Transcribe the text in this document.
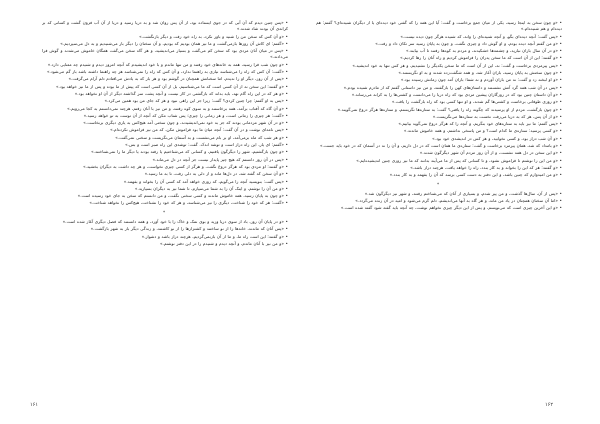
• «پس چنین دیدم که آن آبی که در جوی ایستاده بود، از آن پس روان شد و به دریا رسید و دریا از آن آب فزون گشت و کسانی که بر کرانه‌ی آن بودند شاد شدند.»

• «و آن کس که سخن من را شنید و باور نکرد، به راه خود رفت و دیگر بازنگشت.»

• «گفتم: ای کاش آن روزها بازمی‌گشت و ما نیز همان بودیم که بودیم، و آن سخنان را دیگر بار می‌شنیدیم و به دل می‌سپردیم.»

• «پس در میان آنان مردی بود که سخن کم می‌گفت و بسیار می‌اندیشید، و هر گاه سخن می‌گفت همگان خاموش می‌شدند و گوش فرا می‌دادند.»

• «و چون شب فرا رسید، همه به خانه‌های خود رفتند و من تنها ماندم و با خود اندیشیدم که آنچه امروز دیدم و شنیدم چه معنایی دارد.»

• «گفت: آن کس که راه را می‌شناسد نیازی به راهنما ندارد، و آن کس که راه را نمی‌شناسد هر چه راهنما داشته باشد باز گم می‌شود.»

• «پس از آن روز، دیگر او را ندیدم، اما سخنانش همچنان در گوشم بود و هر بار که به یادش می‌افتادم دلم آرام می‌گرفت.»

• «و گفتند: این سخن نه از آن کسی است که ما می‌شناسیم، بل از آن کسی است که پیش از ما بوده و پس از ما نیز خواهد بود.»

• «و هر که در این راه گام نهد، باید بداند که بازگشتی در کار نیست و آنچه پشت سر گذاشته دیگر از آن او نخواهد بود.»

• «پس به او گفتم: چرا چنین کردی؟ گفت: زیرا جز این راهی نبود و هر که جای من بود همین می‌کرد.»

• «و آن گاه که آفتاب برآمد، همه برخاستند و به سوی کوه رفتند، و من نیز با آنان رفتم، هرچند نمی‌دانستم به کجا می‌رویم.»

• «گفت: هر چیزی را زمانی است، و هر زمانی را چیزی؛ پس شتاب مکن که آنچه از آن توست به تو خواهد رسید.»

• «و در آن شهر مردمانی بودند که جز به خود نمی‌اندیشیدند، و چون سختی آمد هیچ‌کس به یاری دیگری برنخاست.»

• «پس نامه‌ای نوشت و در آن گفت: آنچه میان ما بود فراموش مکن، که من نیز فراموش نکرده‌ام.»

• «و هر شب که ماه برمی‌آمد، او بر بام می‌نشست و به آسمان می‌نگریست و سخنی نمی‌گفت.»

• «گفتم: ای یار، این راه دراز است و توشه اندک. گفت: توشه‌ی این راه صبر است و بس.»

• «و چون بازگشتیم، شهر را دیگرگون یافتیم، و کسانی که می‌شناختیم یا رفته بودند یا دیگر ما را نمی‌شناختند.»

• «پس در آن روز دانستم که هیچ چیز پایدار نیست جز آنچه در دل می‌ماند.»

• «و گفتند: او مردی بود که هرگز دروغ نگفت، و هرگز از کسی چیزی نخواست، و هر چه داشت به دیگران بخشید.»

• «و آن سخن که گفته شد، در دل‌ها ماند و از دلی به دلی رفت، تا به ما رسید.»

• «پس گفت: بنویسید آنچه را می‌گویم، که روزی خواهد آمد که کسی آن را بخواند و بفهمد.»

• «و من آن را نوشتم، و اینک آن را به شما می‌سپارم، تا شما نیز به دیگران بسپارید.»

• «و چون به پایان رسید، همه خاموش ماندند و کسی سخنی نگفت، و من دانستم که سخن به جای خود رسیده است.»

• «گفت: هر که خود را شناخت، دیگری را نیز می‌شناسد، و هر که خود را نشناخت، هیچ‌کس را نخواهد شناخت.»

*

• «و در پایان آن روز، باد از سوی دریا وزید و بوی نمک و خاک را با خود آورد، و همه دانستند که فصل دیگری آغاز شده است.»

• «پس آنان که ماندند، خانه‌ها را از نو ساختند و کشتزارها را از نو کاشتند، و زندگی دیگر بار به شهر بازگشت.»

• «و گفتند: این است راه ما، و ما از آن بازنمی‌گردیم، هرچند دراز باشد و دشوار.»

• «و من نیز با آنان ماندم، و آنچه دیدم و شنیدم را در این دفتر نوشتم.»

• «و چون سخن به اینجا رسید، یکی از میان جمع برخاست و گفت: آیا این همه را که گفتی خود دیده‌ای یا از دیگران شنیده‌ای؟ گفتم: هم دیده‌ام و هم شنیده‌ام.»

• «پس گفت: آنچه دیده‌ای بگو، و آنچه شنیده‌ای را وانه، که شنیده هرگز چون دیده نیست.»

• «و من گفتم آنچه دیده بودم، و او گوش داد و چیزی نگفت، و چون به پایان رسید سر تکان داد و رفت.»

• «و در آن سال باران نبارید، و چشمه‌ها خشکیدند، و مردم به کوه‌ها رفتند تا آب بیابند.»

• «و گفتند: این از آن است که ما سخن پدران را فراموش کردیم و راه آنان را رها کردیم.»

• «پس پیرمردی برخاست و گفت: نه، این از آن است که ما سخن یکدیگر را نشنیدیم، و هر کس تنها به خود اندیشید.»

• «و چون سخنش به پایان رسید، باران آغاز شد، و همه شگفت‌زده شدند و به او نگریستند.»

• «و او لبخند زد و گفت: نه من باران آوردم و نه شما؛ باران آمد چون زمانش رسیده بود.»

• «پس در آن شب همه گرد آتش نشستند و داستان‌های کهن را بازگفتند، و من نیز داستانی گفتم که از مادرم شنیده بودم.»

• «و آن داستان چنین بود که در روزگاران پیشین مردی بود که راه دریا را می‌دانست و کشتی‌ها را به کرانه می‌رساند.»

• «و روزی طوفانی برخاست و کشتی‌ها گم شدند، و او تنها کسی بود که راه بازگشت را یافت.»

• «و چون بازگشت، مردم از او پرسیدند که چگونه راه را یافتی؟ گفت: به ستاره‌ها نگریستم، و ستاره‌ها هرگز دروغ نمی‌گویند.»

• «و از آن پس، هر که به دریا می‌رفت نخست به ستاره‌ها می‌نگریست.»

• «پس گفتم: ما نیز باید به ستاره‌های خود بنگریم، و آنچه را که هرگز دروغ نمی‌گوید بیابیم.»

• «و کسی پرسید: ستاره‌ی ما کدام است؟ و من پاسخی نداشتم، و همه خاموش ماندند.»

• «و آن شب دراز بود، و کسی نخوابید، و هر کس در اندیشه‌ی خود بود.»

• «و بامداد که شد، همان پیرمرد برخاست و گفت: ستاره‌ی ما همان است که در دل داریم، و آن را نه در آسمان که در خود باید جست.»

• «و این سخن در دل همه نشست، و از آن روز مردم آن شهر دیگرگون شدند.»

• «و من این را نوشتم تا فراموش نشود، و تا کسانی که پس از ما می‌آیند بدانند که ما نیز روزی چنین اندیشیده‌ایم.»

• «و گفتند: هر که این را بخواند و به کار بندد، راه را خواهد یافت، هرچند دراز باشد.»

• «و من امیدوارم که چنین باشد، و این دفتر به دست کسی برسد که آن را بفهمد و به کار بندد.»

*

• «پس از آن، سال‌ها گذشت، و من پیر شدم، و بسیاری از آنان که می‌شناختم رفتند، و شهر نیز دیگرگون شد.»

• «اما آن سخنان همچنان در یاد من ماند، و هر گاه به آنها می‌اندیشم، دلم گرم می‌شود و امید در آن زنده می‌گردد.»

• «و این آخرین چیزی است که می‌نویسم، و پس از این دیگر چیزی نخواهم نوشت، چه آنچه باید گفته شود گفته شده است.»

۱۶۱	۱۶۲
